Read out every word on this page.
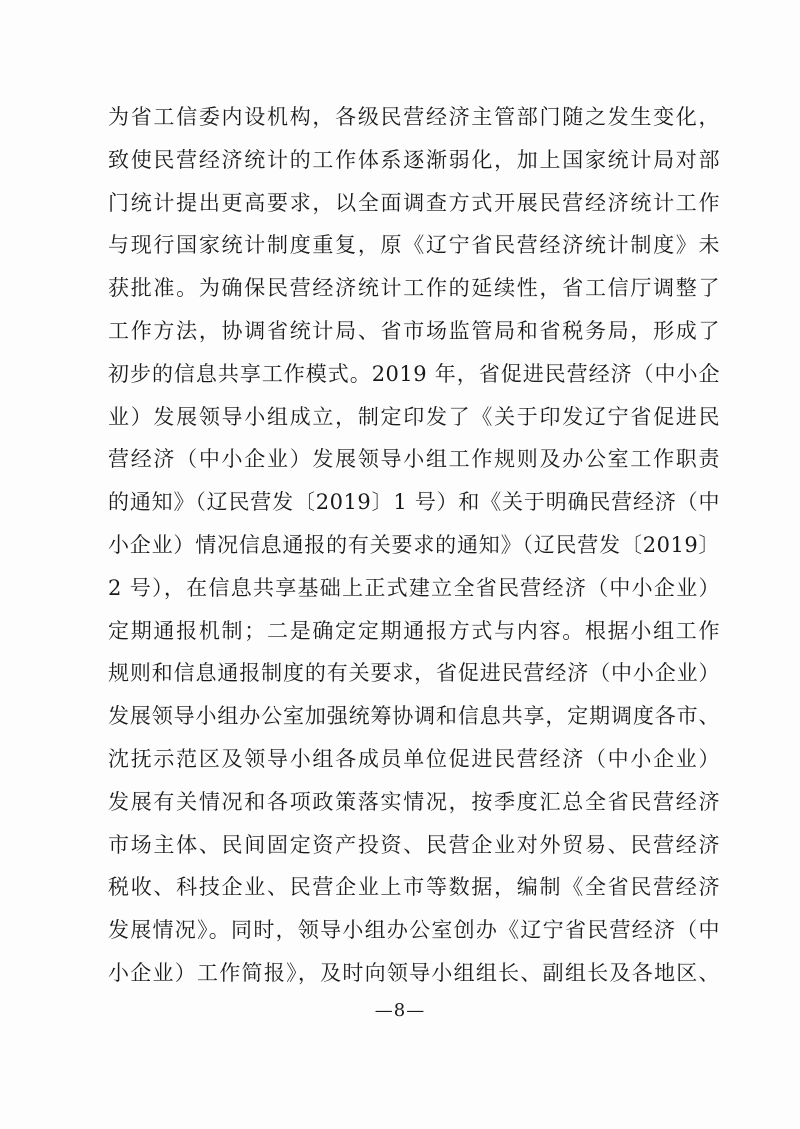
为省工信委内设机构，各级民营经济主管部门随之发生变化，
致使民营经济统计的工作体系逐渐弱化，加上国家统计局对部
门统计提出更高要求，以全面调查方式开展民营经济统计工作
与现行国家统计制度重复，原《辽宁省民营经济统计制度》未
获批准。为确保民营经济统计工作的延续性，省工信厅调整了
工作方法，协调省统计局、省市场监管局和省税务局，形成了
初步的信息共享工作模式。2019 年，省促进民营经济（中小企
业）发展领导小组成立，制定印发了《关于印发辽宁省促进民
营经济（中小企业）发展领导小组工作规则及办公室工作职责
的通知》（辽民营发〔2019〕1 号）和《关于明确民营经济（中
小企业）情况信息通报的有关要求的通知》（辽民营发〔2019〕
2 号），在信息共享基础上正式建立全省民营经济（中小企业）
定期通报机制；二是确定定期通报方式与内容。根据小组工作
规则和信息通报制度的有关要求，省促进民营经济（中小企业）
发展领导小组办公室加强统筹协调和信息共享，定期调度各市、
沈抚示范区及领导小组各成员单位促进民营经济（中小企业）
发展有关情况和各项政策落实情况，按季度汇总全省民营经济
市场主体、民间固定资产投资、民营企业对外贸易、民营经济
税收、科技企业、民营企业上市等数据，编制《全省民营经济
发展情况》。同时，领导小组办公室创办《辽宁省民营经济（中
小企业）工作简报》，及时向领导小组组长、副组长及各地区、
—8—
